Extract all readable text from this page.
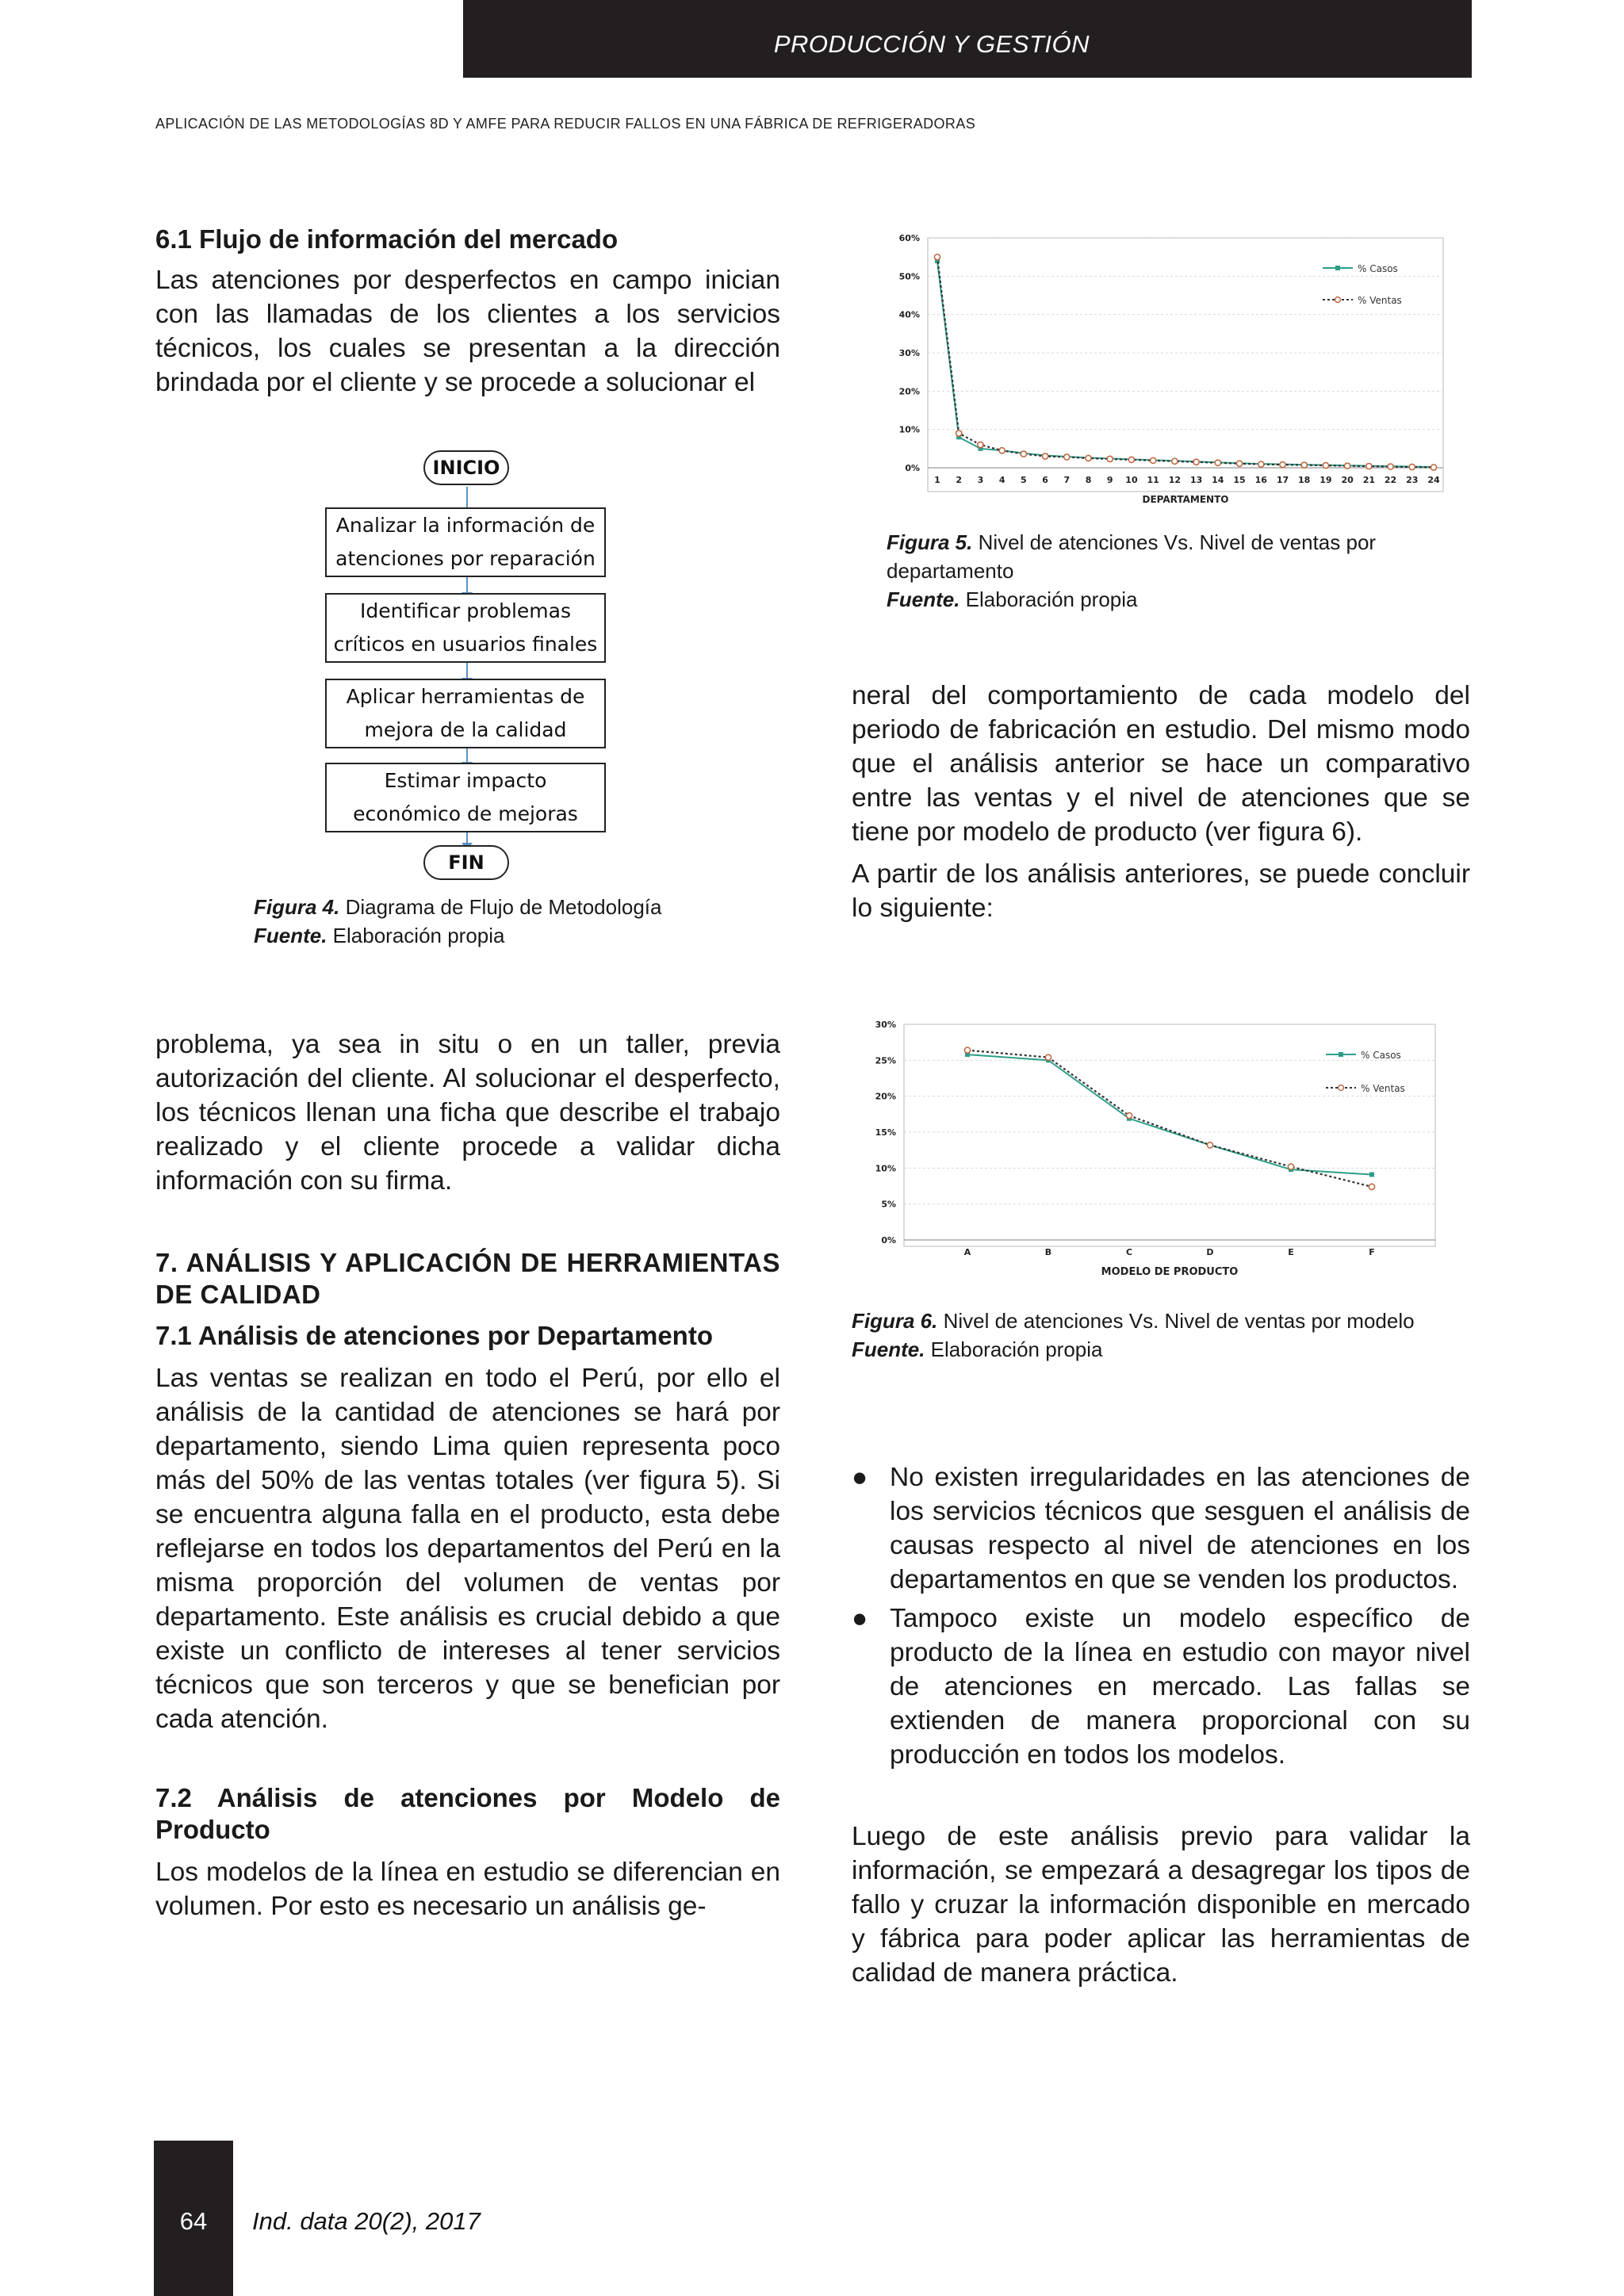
PRODUCCIÓN Y GESTIÓN
APLICACIÓN DE LAS METODOLOGÍAS 8D Y AMFE PARA REDUCIR FALLOS EN UNA FÁBRICA DE REFRIGERADORAS
6.1 Flujo de información del mercado

Las atenciones por desperfectos en campo inician con las llamadas de los clientes a los servicios técnicos, los cuales se presentan a la dirección brindada por el cliente y se procede a solucionar el

INICIO
Analizar la información de
atenciones por reparación
Identificar problemas
críticos en usuarios finales
Aplicar herramientas de
mejora de la calidad
Estimar impacto
económico de mejoras
FIN
Figura 4. Diagrama de Flujo de Metodología
Fuente. Elaboración propia

problema, ya sea in situ o en un taller, previa autorización del cliente. Al solucionar el desperfecto, los técnicos llenan una ficha que describe el trabajo realizado y el cliente procede a validar dicha información con su firma.

7. ANÁLISIS Y APLICACIÓN DE HERRAMIENTAS DE CALIDAD
7.1 Análisis de atenciones por Departamento

Las ventas se realizan en todo el Perú, por ello el análisis de la cantidad de atenciones se hará por departamento, siendo Lima quien representa poco más del 50% de las ventas totales (ver figura 5). Si se encuentra alguna falla en el producto, esta debe reflejarse en todos los departamentos del Perú en la misma proporción del volumen de ventas por departamento. Este análisis es crucial debido a que existe un conflicto de intereses al tener servicios técnicos que son terceros y que se benefician por cada atención.

7.2 Análisis de atenciones por Modelo de Producto

Los modelos de la línea en estudio se diferencian en volumen. Por esto es necesario un análisis ge-

0%
10%
20%
30%
40%
50%
60%
1 2 3 4 5 6 7 8 9 10 11 12 13 14 15 16 17 18 19 20 21 22 23 24
% Casos
% Ventas
DEPARTAMENTO
Figura 5. Nivel de atenciones Vs. Nivel de ventas por departamento
Fuente. Elaboración propia

neral del comportamiento de cada modelo del periodo de fabricación en estudio. Del mismo modo que el análisis anterior se hace un comparativo entre las ventas y el nivel de atenciones que se tiene por modelo de producto (ver figura 6).

A partir de los análisis anteriores, se puede concluir lo siguiente:

0%
5%
10%
15%
20%
25%
30%
A	B	C	D	E	F
% Casos
% Ventas
MODELO DE PRODUCTO
Figura 6. Nivel de atenciones Vs. Nivel de ventas por modelo
Fuente. Elaboración propia
● No existen irregularidades en las atenciones de los servicios técnicos que sesguen el análisis de causas respecto al nivel de atenciones en los departamentos en que se venden los productos.
● Tampoco existe un modelo específico de producto de la línea en estudio con mayor nivel de atenciones en mercado. Las fallas se extienden de manera proporcional con su producción en todos los modelos.

Luego de este análisis previo para validar la información, se empezará a desagregar los tipos de fallo y cruzar la información disponible en mercado y fábrica para poder aplicar las herramientas de calidad de manera práctica.

64	Ind. data 20(2), 2017
